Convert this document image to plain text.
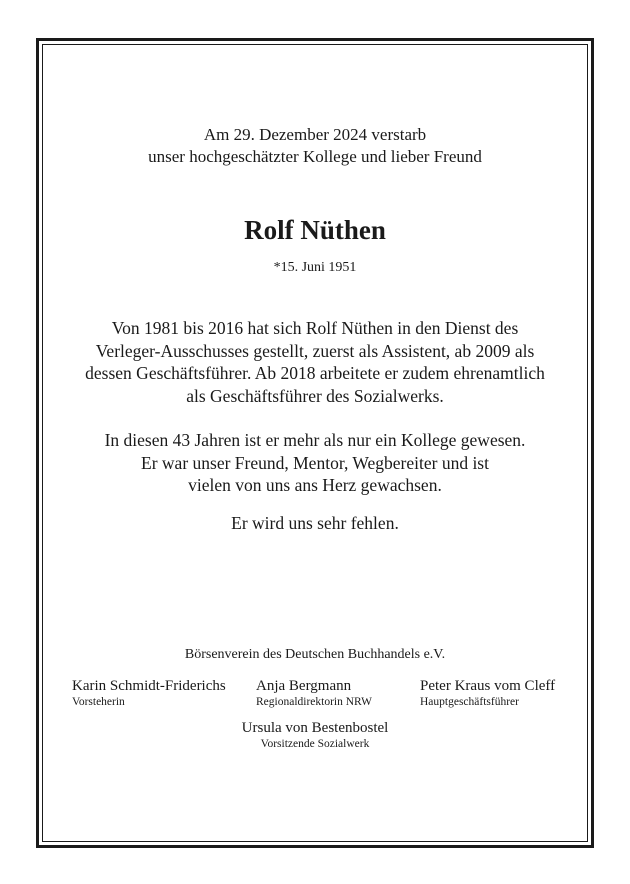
Am 29. Dezember 2024 verstarb
unser hochgeschätzter Kollege und lieber Freund
Rolf Nüthen
*15. Juni 1951
Von 1981 bis 2016 hat sich Rolf Nüthen in den Dienst des
Verleger-Ausschusses gestellt, zuerst als Assistent, ab 2009 als
dessen Geschäftsführer. Ab 2018 arbeitete er zudem ehrenamtlich
als Geschäftsführer des Sozialwerks.
In diesen 43 Jahren ist er mehr als nur ein Kollege gewesen.
Er war unser Freund, Mentor, Wegbereiter und ist
vielen von uns ans Herz gewachsen.
Er wird uns sehr fehlen.
Börsenverein des Deutschen Buchhandels e.V.
Karin Schmidt-Friderichs
Vorsteherin
Anja Bergmann
Regionaldirektorin NRW
Peter Kraus vom Cleff
Hauptgeschäftsführer
Ursula von Bestenbostel
Vorsitzende Sozialwerk
